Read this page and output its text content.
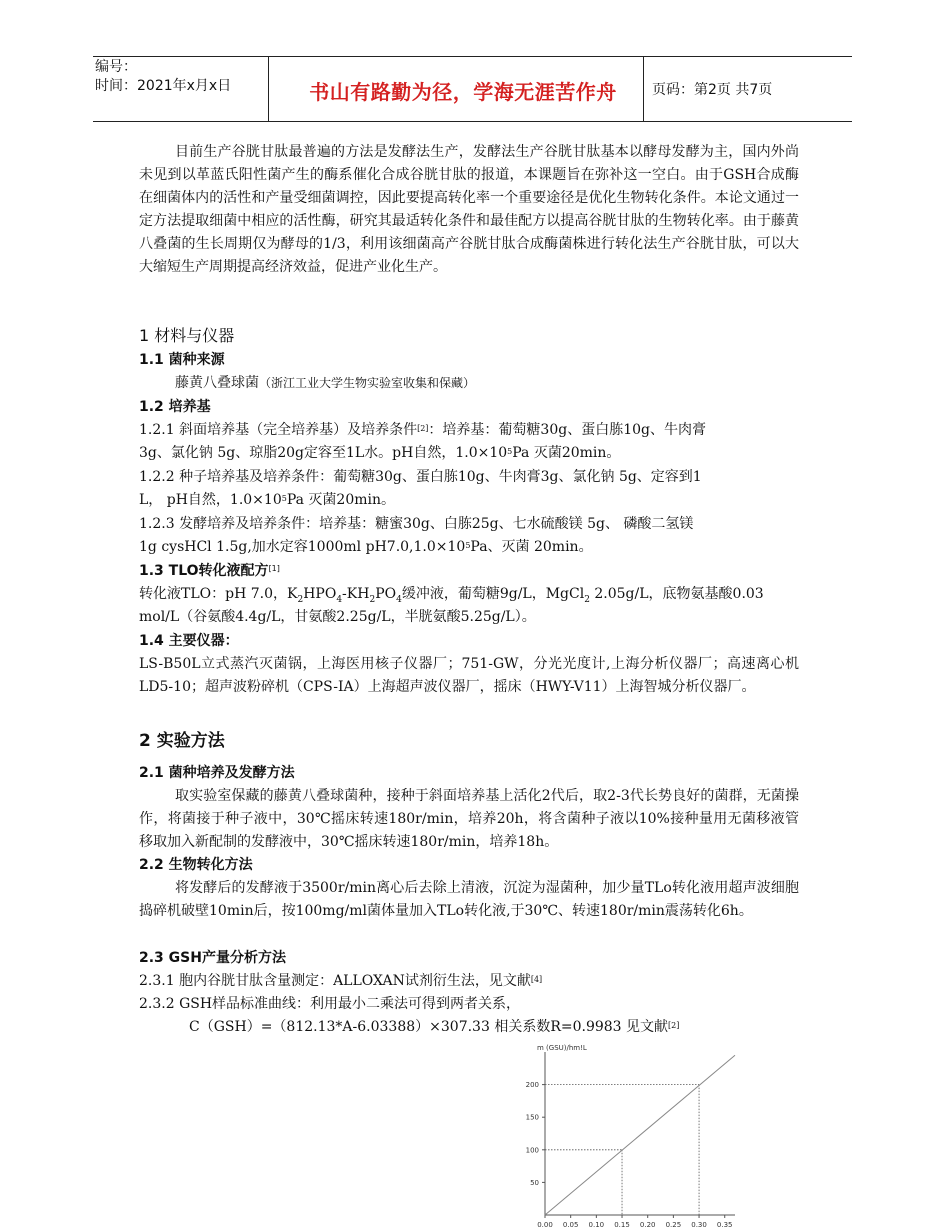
编号：
时间：2021年x月x日	书山有路勤为径，学海无涯苦作舟	页码：第2页 共7页
目前生产谷胱甘肽最普遍的方法是发酵法生产，发酵法生产谷胱甘肽基本以酵母发酵为主，国内外尚未见到以革蓝氏阳性菌产生的酶系催化合成谷胱甘肽的报道，本课题旨在弥补这一空白。由于GSH合成酶在细菌体内的活性和产量受细菌调控，因此要提高转化率一个重要途径是优化生物转化条件。本论文通过一定方法提取细菌中相应的活性酶，研究其最适转化条件和最佳配方以提高谷胱甘肽的生物转化率。由于藤黄八叠菌的生长周期仅为酵母的1/3，利用该细菌高产谷胱甘肽合成酶菌株进行转化法生产谷胱甘肽，可以大大缩短生产周期提高经济效益，促进产业化生产。
1 材料与仪器
1.1 菌种来源
藤黄八叠球菌（浙江工业大学生物实验室收集和保藏）
1.2 培养基
1.2.1 斜面培养基（完全培养基）及培养条件[2]：培养基：葡萄糖30g、蛋白胨10g、牛肉膏
3g、氯化钠 5g、琼脂20g定容至1L水。pH自然，$1.0\times 10^5Pa$ 灭菌20min。
1.2.2 种子培养基及培养条件：葡萄糖30g、蛋白胨10g、牛肉膏3g、氯化钠 5g、定容到1
L， pH自然，$1.0\times 10^5Pa$ 灭菌20min。
1.2.3 发酵培养及培养条件：培养基：糖蜜30g、白胨25g、七水硫酸镁 5g、 磷酸二氢镁
1g cysHCl 1.5g,加水定容1000ml $pH7.0,1.0\times 10^5Pa$、灭菌 20min。
1.3 TLO转化液配方[1]
转化液TLO：pH 7.0，$K_2HPO_4-KH_2PO_4$缓冲液，葡萄糖9g/L，MgCl$_2$ 2.05g/L，底物氨基酸0.03
mol/L（谷氨酸4.4g/L，甘氨酸2.25g/L，半胱氨酸5.25g/L）。
1.4 主要仪器：
LS-B50L立式蒸汽灭菌锅，上海医用核子仪器厂；751-GW，分光光度计,上海分析仪器厂；高速离心机LD5-10；超声波粉碎机（CPS-IA）上海超声波仪器厂，摇床（HWY-V11）上海智城分析仪器厂。
2 实验方法
2.1 菌种培养及发酵方法
取实验室保藏的藤黄八叠球菌种，接种于斜面培养基上活化2代后，取2-3代长势良好的菌群，无菌操作，将菌接于种子液中，30℃摇床转速180r/min，培养20h，将含菌种子液以10%接种量用无菌移液管移取加入新配制的发酵液中，30℃摇床转速180r/min，培养18h。
2.2 生物转化方法
将发酵后的发酵液于3500r/min离心后去除上清液，沉淀为湿菌种，加少量TLo转化液用超声波细胞捣碎机破壁10min后，按100mg/ml菌体量加入TLo转化液,于30℃、转速180r/min震荡转化6h。
2.3 GSH产量分析方法
2.3.1 胞内谷胱甘肽含量测定：ALLOXAN试剂衍生法，见文献[4]
2.3.2 GSH样品标准曲线：利用最小二乘法可得到两者关系，
C（GSH）=（812.13*A-6.03388）×307.33 相关系数R=0.9983 见文献[2]
m (GSU)/hm!L
50
100
150
200
0.00 0.05 0.10 0.15 0.20 0.25 0.30 0.35
